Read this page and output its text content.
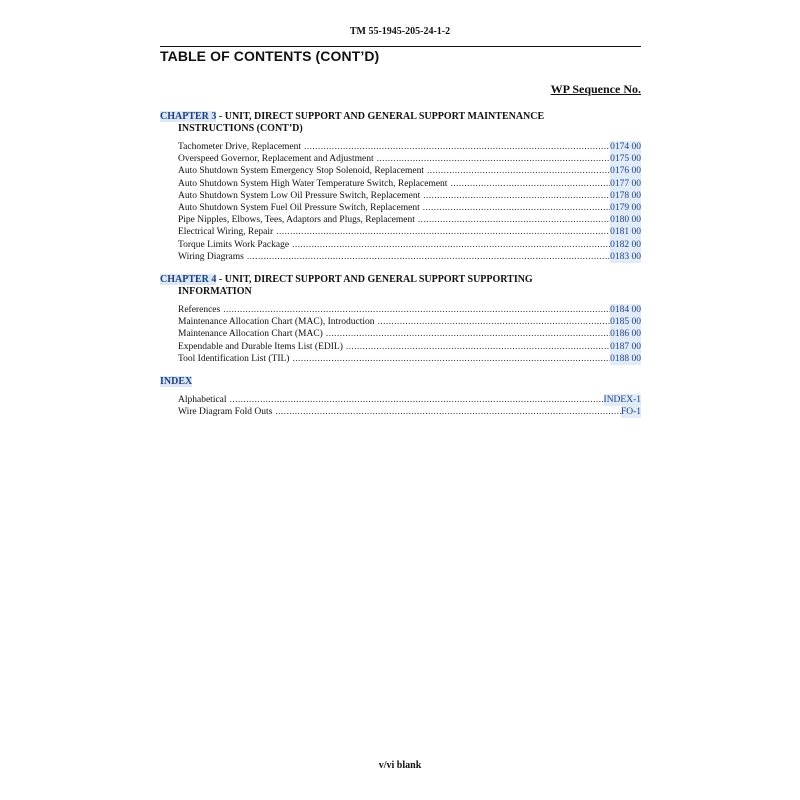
TM 55-1945-205-24-1-2
TABLE OF CONTENTS (CONT’D)
WP Sequence No.
CHAPTER 3 - UNIT, DIRECT SUPPORT AND GENERAL SUPPORT MAINTENANCE
INSTRUCTIONS (CONT’D)
Tachometer Drive, Replacement .....	0174 00
Overspeed Governor, Replacement and Adjustment .....	0175 00
Auto Shutdown System Emergency Stop Solenoid, Replacement .....	0176 00
Auto Shutdown System High Water Temperature Switch, Replacement .....	0177 00
Auto Shutdown System Low Oil Pressure Switch, Replacement .....	0178 00
Auto Shutdown System Fuel Oil Pressure Switch, Replacement .....	0179 00
Pipe Nipples, Elbows, Tees, Adaptors and Plugs, Replacement .....	0180 00
Electrical Wiring, Repair .....	0181 00
Torque Limits Work Package .....	0182 00
Wiring Diagrams .....	0183 00
CHAPTER 4 - UNIT, DIRECT SUPPORT AND GENERAL SUPPORT SUPPORTING
INFORMATION
References .....	0184 00
Maintenance Allocation Chart (MAC), Introduction .....	0185 00
Maintenance Allocation Chart (MAC) .....	0186 00
Expendable and Durable Items List (EDIL) .....	0187 00
Tool Identification List (TIL) .....	0188 00
INDEX
Alphabetical .....	INDEX-1
Wire Diagram Fold Outs .....	FO-1
v/vi blank
